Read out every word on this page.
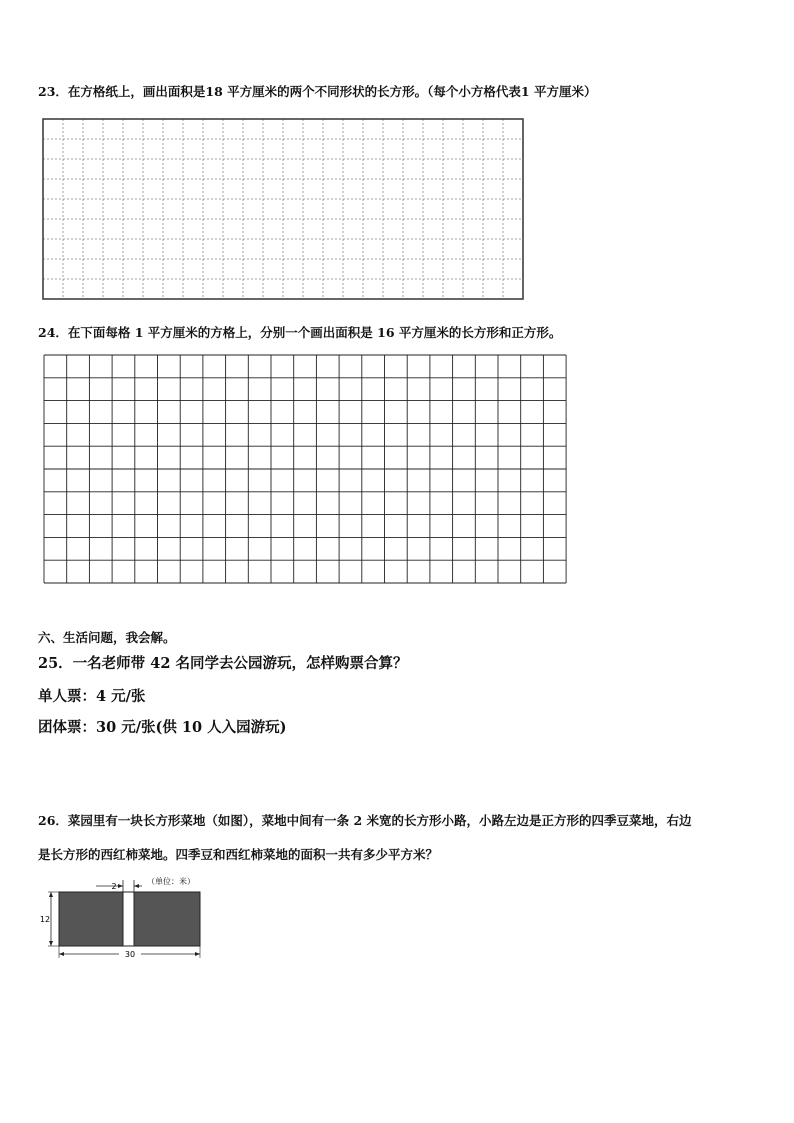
23．在方格纸上，画出面积是18 平方厘米的两个不同形状的长方形。（每个小方格代表1 平方厘米）
24．在下面每格 1 平方厘米的方格上，分别一个画出面积是 16 平方厘米的长方形和正方形。
六、生活问题，我会解。
25．一名老师带 42 名同学去公园游玩，怎样购票合算？
单人票：4 元/张
团体票：30 元/张(供 10 人入园游玩)
26．菜园里有一块长方形菜地（如图），菜地中间有一条 2 米宽的长方形小路，小路左边是正方形的四季豆菜地，右边
是长方形的西红柿菜地。四季豆和西红柿菜地的面积一共有多少平方米？
2
（单位：米）
12
30
